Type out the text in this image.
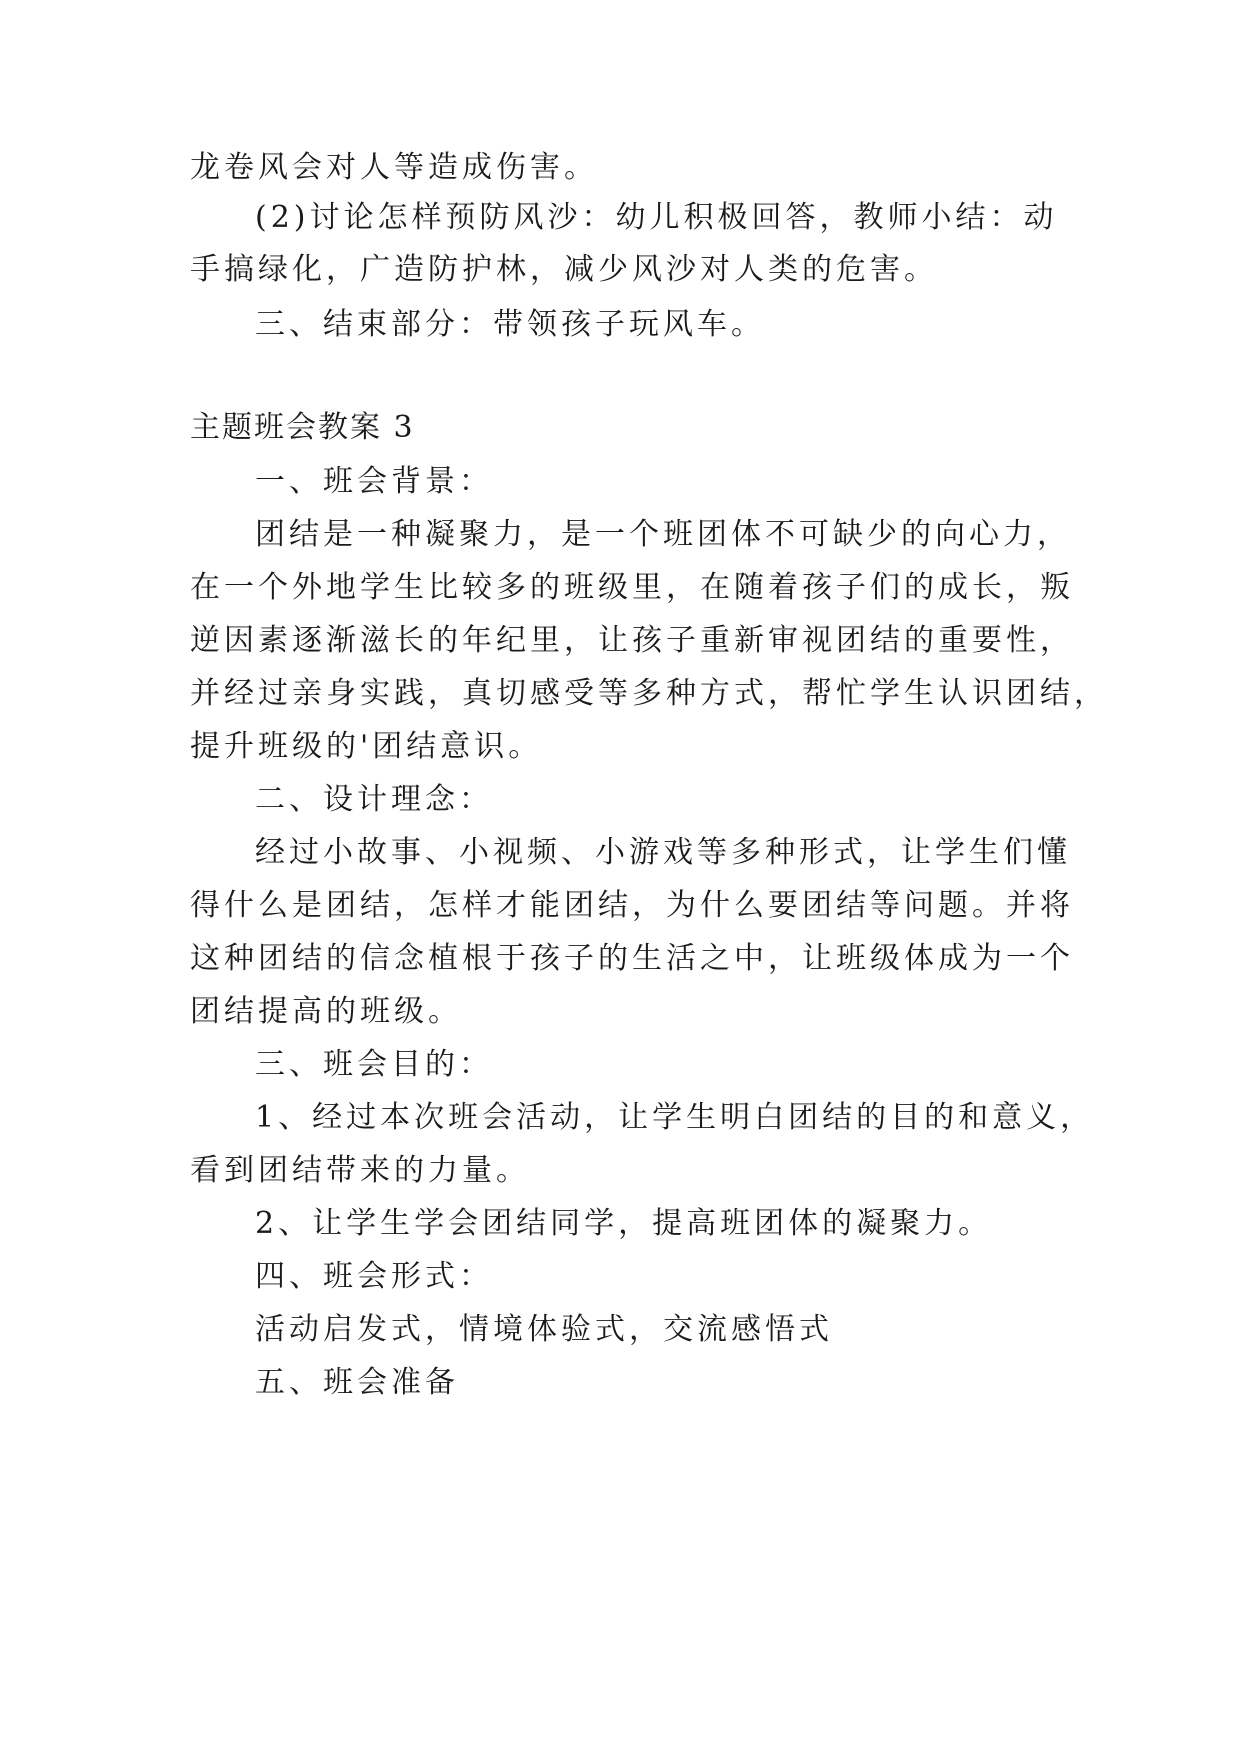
龙卷风会对人等造成伤害。
(2)讨论怎样预防风沙：幼儿积极回答，教师小结：动
手搞绿化，广造防护林，减少风沙对人类的危害。
三、结束部分：带领孩子玩风车。
主题班会教案 3
一、班会背景：
团结是一种凝聚力，是一个班团体不可缺少的向心力，
在一个外地学生比较多的班级里，在随着孩子们的成长，叛
逆因素逐渐滋长的年纪里，让孩子重新审视团结的重要性，
并经过亲身实践，真切感受等多种方式，帮忙学生认识团结，
提升班级的'团结意识。
二、设计理念：
经过小故事、小视频、小游戏等多种形式，让学生们懂
得什么是团结，怎样才能团结，为什么要团结等问题。并将
这种团结的信念植根于孩子的生活之中，让班级体成为一个
团结提高的班级。
三、班会目的：
1、经过本次班会活动，让学生明白团结的目的和意义，
看到团结带来的力量。
2、让学生学会团结同学，提高班团体的凝聚力。
四、班会形式：
活动启发式，情境体验式，交流感悟式
五、班会准备
